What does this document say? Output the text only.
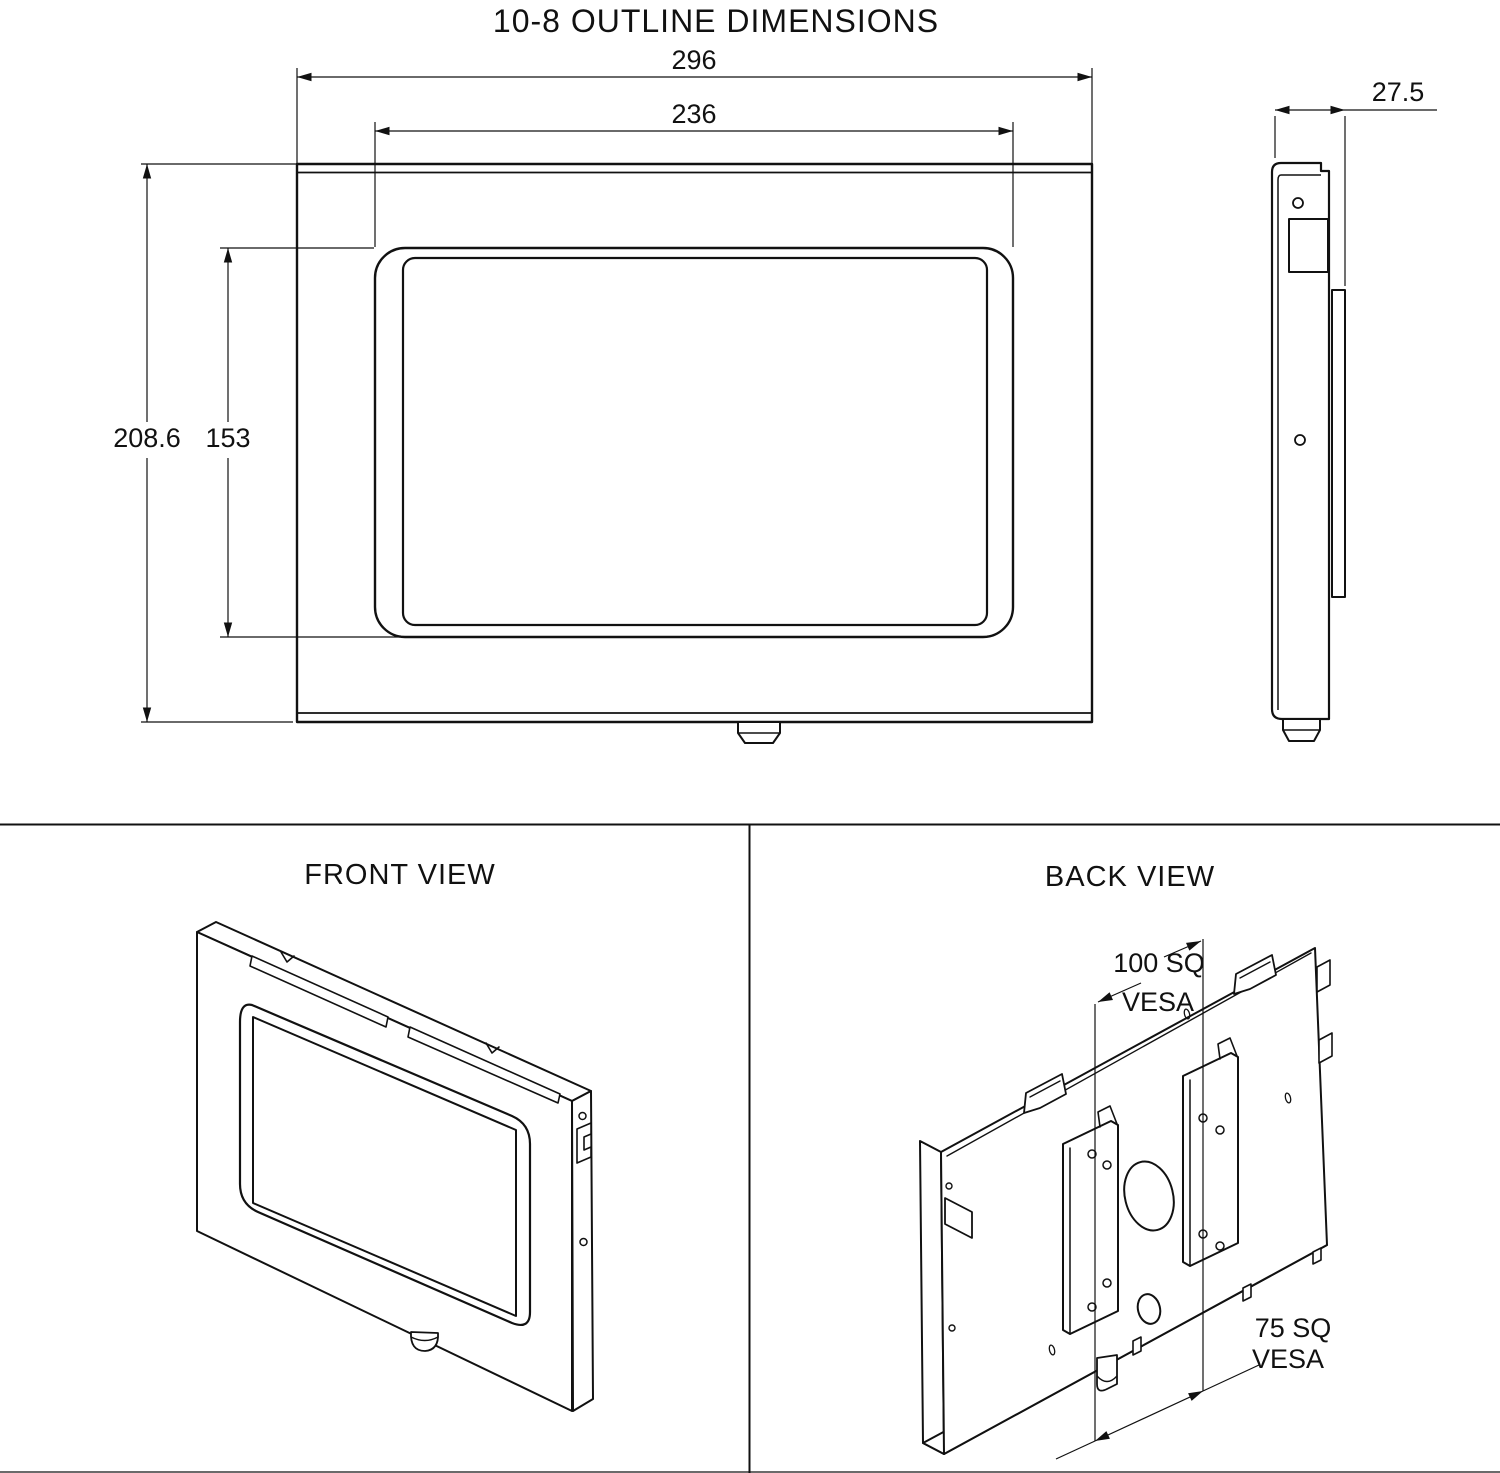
10-8 OUTLINE DIMENSIONS
296
236
208.6 153
27.5
FRONT VIEW	BACK VIEW
100 SQ
VESA
75 SQ
VESA
